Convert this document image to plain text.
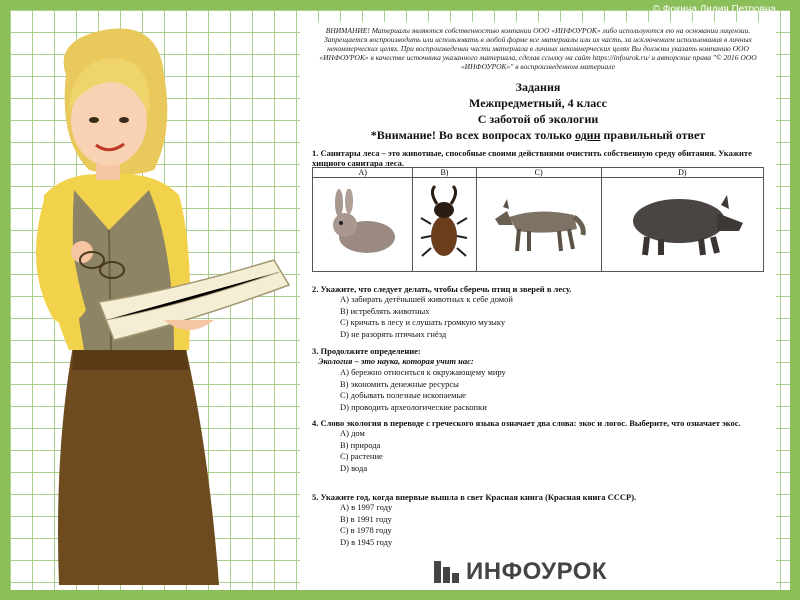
© Фокина Лидия Петровна
ВНИМАНИЕ! Материалы являются собственностью компании ООО «ИНФОУРОК» либо используются ею на основании лицензии. Запрещается воспроизводить или использовать в любой форме все материалы или их часть, за исключением использования в личных некоммерческих целях. При воспроизведении части материала в личных некоммерческих целях Вы должны указать компанию ООО «ИНФОУРОК» в качестве источника указанного материала, сделав ссылку на сайт https://infourok.ru/ и авторские права "© 2016 ООО «ИНФОУРОК»" в воспроизведенном материале
Задания
Межпредметный, 4 класс
С заботой об экологии
*Внимание! Во всех вопросах только один правильный ответ
1. Санитары леса – это животные, способные своими действиями очистить собственную среду обитания. Укажите хищного санитара леса.
A)	B)	C)	D)

2. Укажите, что следует делать, чтобы сберечь птиц и зверей в лесу.
A) забирать детёнышей животных к себе домой
B) истреблять животных
C) кричать в лесу и слушать громкую музыку
D) не разорять птичьих гнёзд
3. Продолжите определение:
Экология – это наука, которая учит нас:
A) бережно относиться к окружающему миру
B) экономить денежные ресурсы
C) добывать полезные ископаемые
D) проводить археологические раскопки
4. Слово экология в переводе с греческого языка означает два слова: экос и логос. Выберите, что означает экос.
A) дом
B) природа
C) растение
D) вода
5. Укажите год, когда впервые вышла в свет Красная книга (Красная книга СССР).
A) в 1997 году
B) в 1991 году
C) в 1978 году
D) в 1945 году
ИНФОУРОК
